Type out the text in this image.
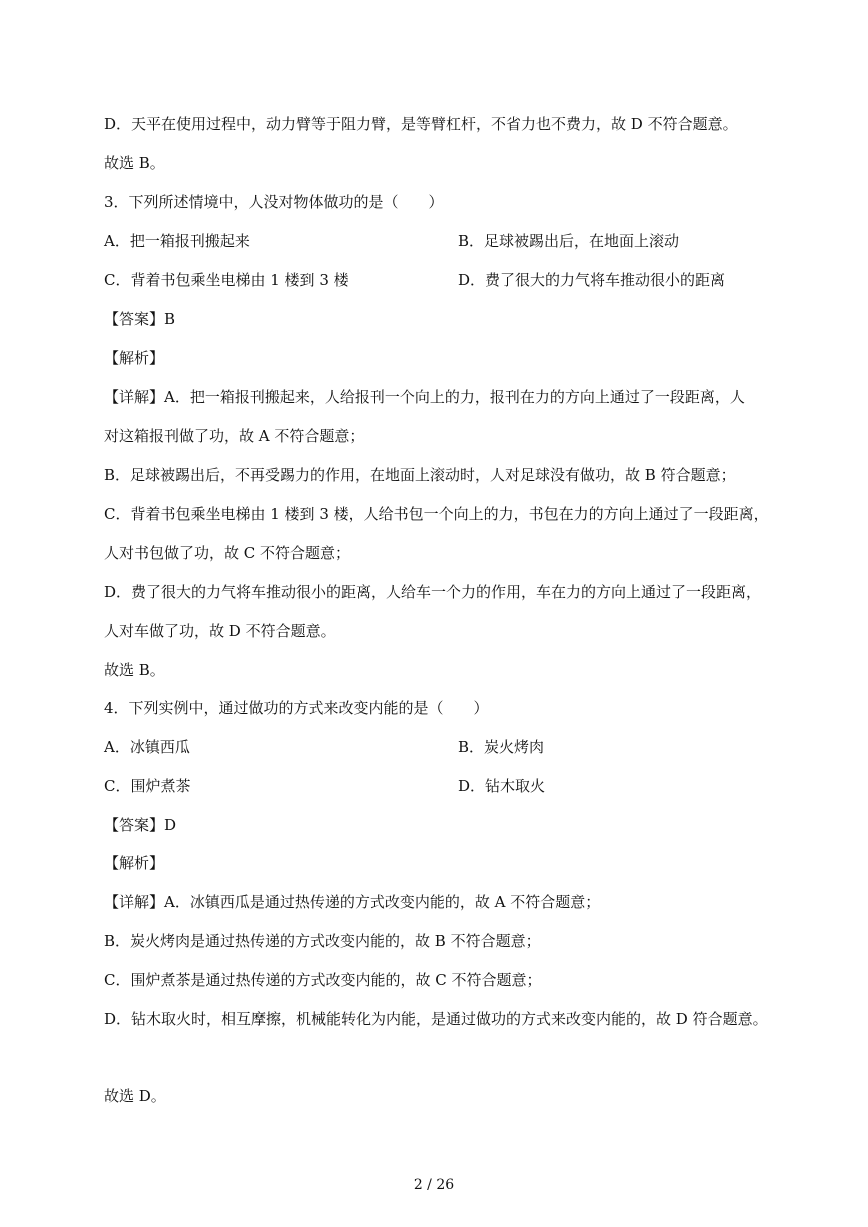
D．天平在使用过程中，动力臂等于阻力臂，是等臂杠杆，不省力也不费力，故 D 不符合题意。
故选 B。
3．下列所述情境中，人没对物体做功的是（　　）
A．把一箱报刊搬起来	B．足球被踢出后，在地面上滚动
C．背着书包乘坐电梯由 1 楼到 3 楼	D．费了很大的力气将车推动很小的距离
【答案】B
【解析】
【详解】A．把一箱报刊搬起来，人给报刊一个向上的力，报刊在力的方向上通过了一段距离，人
对这箱报刊做了功，故 A 不符合题意；
B．足球被踢出后，不再受踢力的作用，在地面上滚动时，人对足球没有做功，故 B 符合题意；
C．背着书包乘坐电梯由 1 楼到 3 楼，人给书包一个向上的力，书包在力的方向上通过了一段距离，
人对书包做了功，故 C 不符合题意；
D．费了很大的力气将车推动很小的距离，人给车一个力的作用，车在力的方向上通过了一段距离，
人对车做了功，故 D 不符合题意。
故选 B。
4．下列实例中，通过做功的方式来改变内能的是（　　）
A．冰镇西瓜	B．炭火烤肉
C．围炉煮茶	D．钻木取火
【答案】D
【解析】
【详解】A．冰镇西瓜是通过热传递的方式改变内能的，故 A 不符合题意；
B．炭火烤肉是通过热传递的方式改变内能的，故 B 不符合题意；
C．围炉煮茶是通过热传递的方式改变内能的，故 C 不符合题意；
D．钻木取火时，相互摩擦，机械能转化为内能，是通过做功的方式来改变内能的，故 D 符合题意。
故选 D。
2 / 26
